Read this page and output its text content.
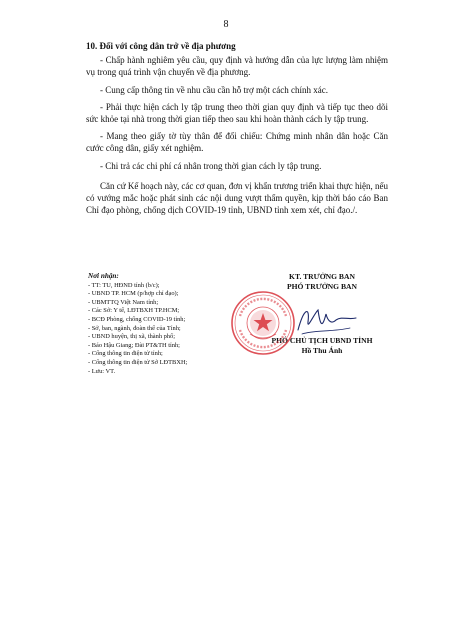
8
10. Đối với công dân trở về địa phương

- Chấp hành nghiêm yêu cầu, quy định và hướng dẫn của lực lượng làm nhiệm vụ trong quá trình vận chuyển về địa phương.

- Cung cấp thông tin về nhu cầu cần hỗ trợ một cách chính xác.

- Phải thực hiện cách ly tập trung theo thời gian quy định và tiếp tục theo dõi sức khỏe tại nhà trong thời gian tiếp theo sau khi hoàn thành cách ly tập trung.

- Mang theo giấy tờ tùy thân để đối chiếu: Chứng minh nhân dân hoặc Căn cước công dân, giấy xét nghiệm.

- Chi trả các chi phí cá nhân trong thời gian cách ly tập trung.

Căn cứ Kế hoạch này, các cơ quan, đơn vị khẩn trương triển khai thực hiện, nếu có vướng mắc hoặc phát sinh các nội dung vượt thẩm quyền, kịp thời báo cáo Ban Chỉ đạo phòng, chống dịch COVID-19 tỉnh, UBND tỉnh xem xét, chỉ đạo./.

Nơi nhận:
- TT: TU, HĐND tỉnh (b/c);
- UBND TP. HCM (p/hợp chỉ đạo);
- UBMTTQ Việt Nam tỉnh;
- Các Sở: Y tế, LĐTBXH TP.HCM;
- BCĐ Phòng, chống COVID-19 tỉnh;
- Sở, ban, ngành, đoàn thể của Tỉnh;
- UBND huyện, thị xã, thành phố;
- Báo Hậu Giang; Đài PT&TH tỉnh;
- Cổng thông tin điện tử tỉnh;
- Cổng thông tin điện tử Sở LĐTBXH;
- Lưu: VT.
KT. TRƯỞNG BAN
PHÓ TRƯỞNG BAN
PHÓ CHỦ TỊCH UBND TỈNH
Hồ Thu Ánh
